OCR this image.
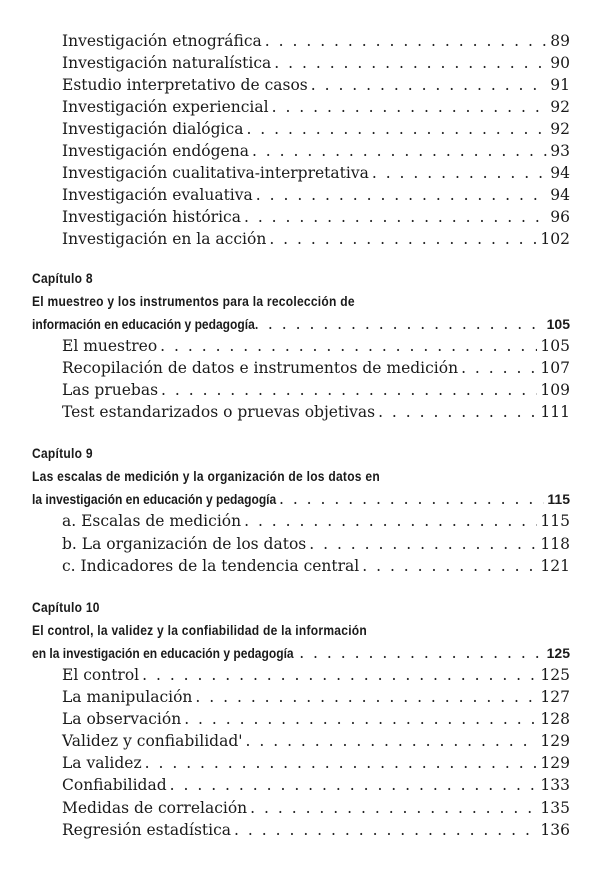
Investigación etnográfica . . .	89
Investigación naturalística . . .	90
Estudio interpretativo de casos . . .	91
Investigación experiencial . . .	92
Investigación dialógica . . .	92
Investigación endógena . . .	93
Investigación cualitativa-interpretativa . . .	94
Investigación evaluativa . . .	94
Investigación histórica . . .	96
Investigación en la acción . . .	102
Capítulo 8
El muestreo y los instrumentos para la recolección de
información en educación y pedagogía . . .	105
El muestreo . . .	105
Recopilación de datos e instrumentos de medición . . .	107
Las pruebas . . .	109
Test estandarizados o pruevas objetivas . . .	111
Capítulo 9
Las escalas de medición y la organización de los datos en
la investigación en educación y pedagogía . . .	115
a. Escalas de medición . . .	115
b. La organización de los datos . . .	118
c. Indicadores de la tendencia central . . .	121
Capítulo 10
El control, la validez y la confiabilidad de la información
en la investigación en educación y pedagogía . . .	125
El control . . .	125
La manipulación . . .	127
La observación . . .	128
Validez y confiabilidad' . . .	129
La validez . . .	129
Confiabilidad . . .	133
Medidas de correlación . . .	135
Regresión estadística . . .	136
